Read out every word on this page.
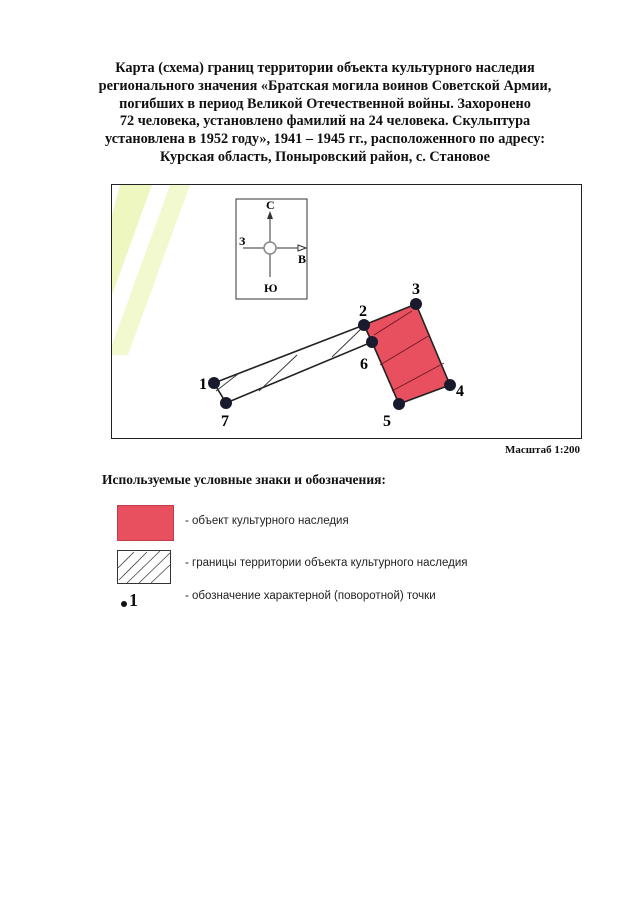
Карта (схема) границ территории объекта культурного наследия
регионального значения «Братская могила воинов Советской Армии,
погибших в период Великой Отечественной войны. Захоронено
72 человека, установлено фамилий на 24 человека. Скульптура
установлена в 1952 году», 1941 – 1945 гг., расположенного по адресу:
Курская область, Поныровский район, с. Становое
С
З
В
Ю
1
2
3
4
5
6
7
Масштаб 1:200
Используемые условные знаки и обозначения:
- объект культурного наследия
- границы территории объекта культурного наследия
1	- обозначение характерной (поворотной) точки
